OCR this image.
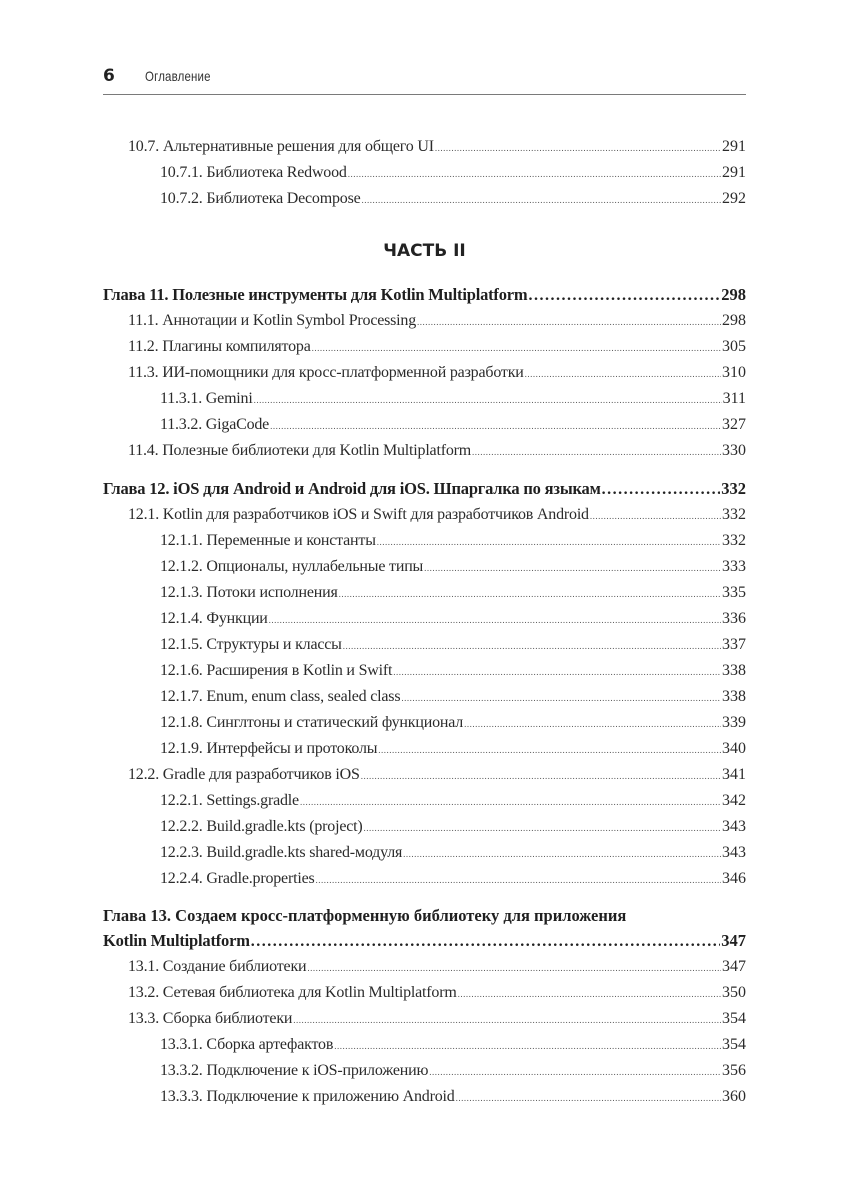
6 Оглавление
10.7. Альтернативные решения для общего UI .....	291
10.7.1. Библиотека Redwood .....	291
10.7.2. Библиотека Decompose .....	292
ЧАСТЬ II
Глава 11. Полезные инструменты для Kotlin Multiplatform .....	298
11.1. Аннотации и Kotlin Symbol Processing .....	298
11.2. Плагины компилятора .....	305
11.3. ИИ-помощники для кросс-платформенной разработки .....	310
11.3.1. Gemini .....	311
11.3.2. GigaCode .....	327
11.4. Полезные библиотеки для Kotlin Multiplatform .....	330
Глава 12. iOS для Android и Android для iOS. Шпаргалка по языкам .....	332
12.1. Kotlin для разработчиков iOS и Swift для разработчиков Android .....	332
12.1.1. Переменные и константы .....	332
12.1.2. Опционалы, нуллабельные типы .....	333
12.1.3. Потоки исполнения .....	335
12.1.4. Функции .....	336
12.1.5. Структуры и классы .....	337
12.1.6. Расширения в Kotlin и Swift .....	338
12.1.7. Enum, enum class, sealed class .....	338
12.1.8. Синглтоны и статический функционал .....	339
12.1.9. Интерфейсы и протоколы .....	340
12.2. Gradle для разработчиков iOS .....	341
12.2.1. Settings.gradle .....	342
12.2.2. Build.gradle.kts (project) .....	343
12.2.3. Build.gradle.kts shared-модуля .....	343
12.2.4. Gradle.properties .....	346
Глава 13. Создаем кросс-платформенную библиотеку для приложения
Kotlin Multiplatform .....	347
13.1. Создание библиотеки .....	347
13.2. Сетевая библиотека для Kotlin Multiplatform .....	350
13.3. Сборка библиотеки .....	354
13.3.1. Сборка артефактов .....	354
13.3.2. Подключение к iOS-приложению .....	356
13.3.3. Подключение к приложению Android .....	360
